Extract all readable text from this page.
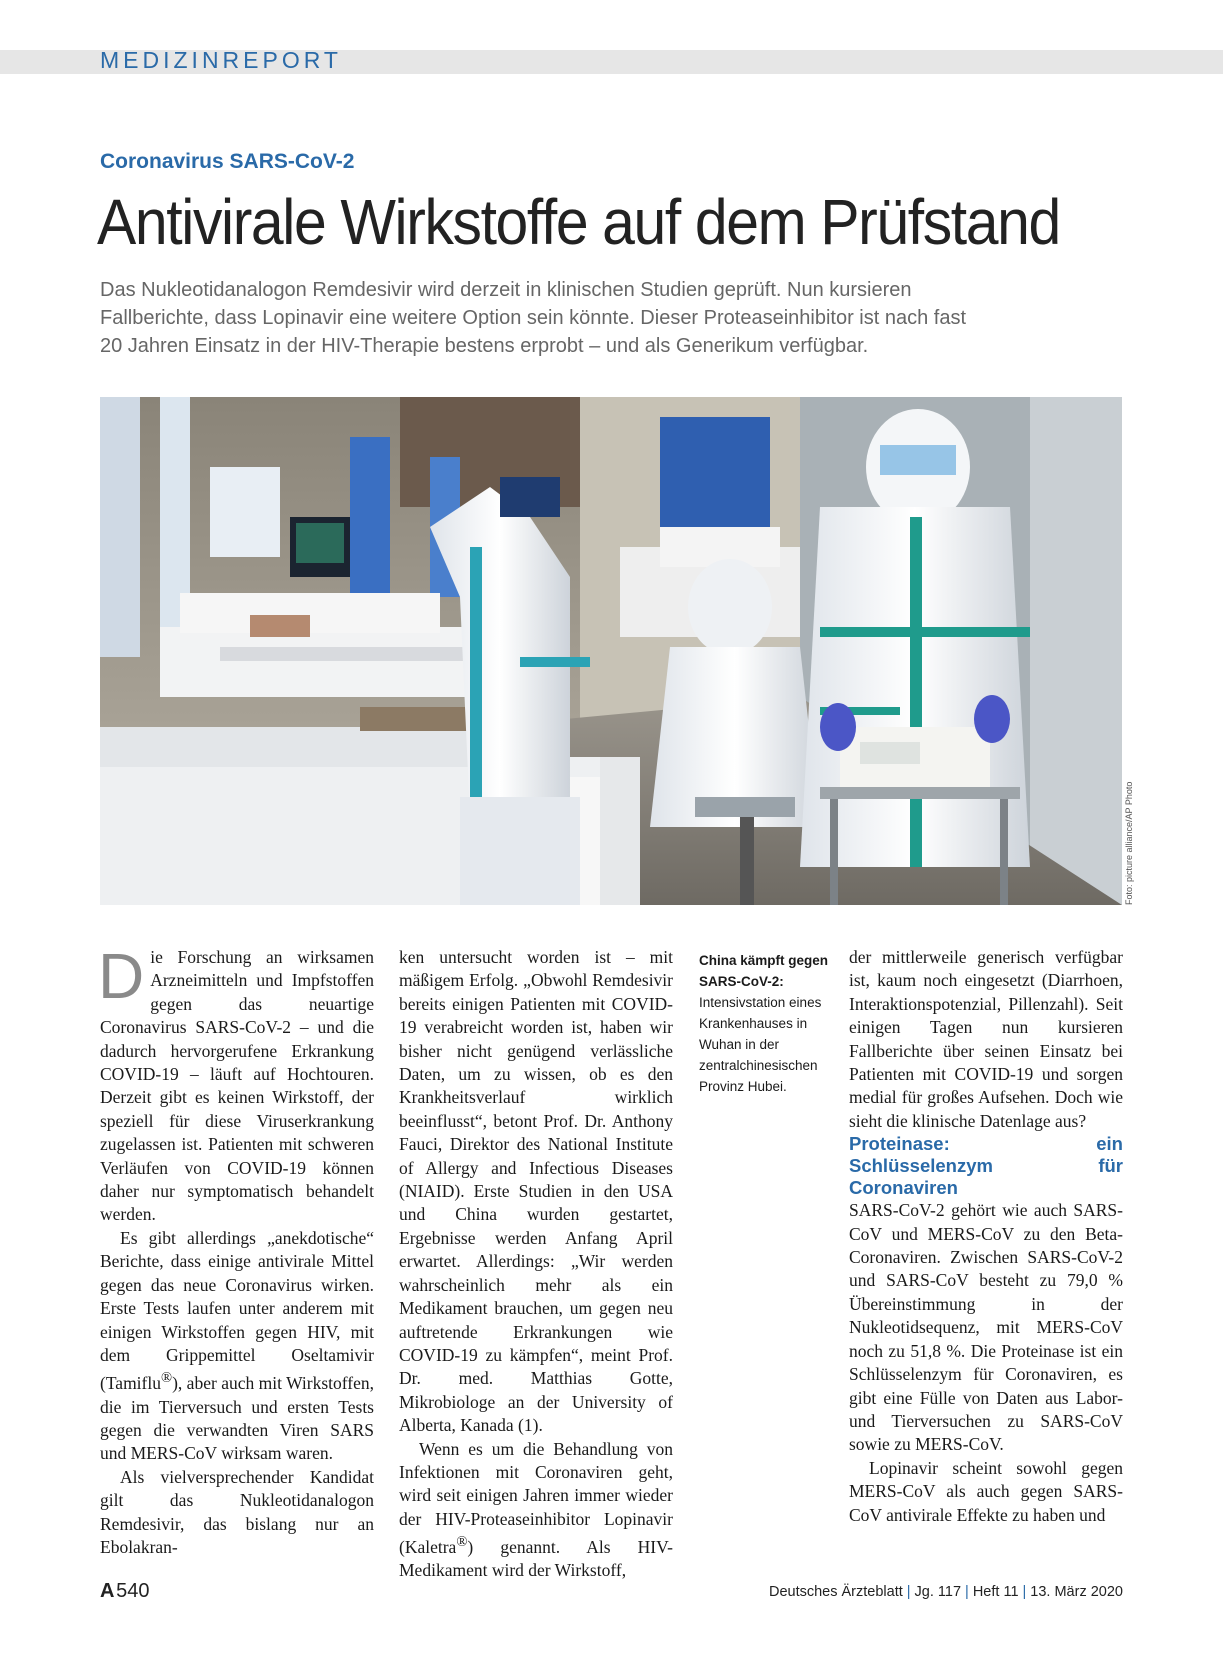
MEDIZINREPORT
Coronavirus SARS-CoV-2
Antivirale Wirkstoffe auf dem Prüfstand
Das Nukleotidanalogon Remdesivir wird derzeit in klinischen Studien geprüft. Nun kursieren Fallberichte, dass Lopinavir eine weitere Option sein könnte. Dieser Proteaseinhibitor ist nach fast 20 Jahren Einsatz in der HIV-Therapie bestens erprobt – und als Generikum verfügbar.
Foto: picture alliance/AP Photo

Die Forschung an wirksamen Arzneimitteln und Impfstoffen gegen das neuartige Coronavirus SARS-CoV-2 – und die dadurch hervorgerufene Erkrankung COVID-19 – läuft auf Hochtouren. Derzeit gibt es keinen Wirkstoff, der speziell für diese Viruserkrankung zugelassen ist. Patienten mit schweren Verläufen von COVID-19 können daher nur symptomatisch behandelt werden.

Es gibt allerdings „anekdotische“ Berichte, dass einige antivirale Mittel gegen das neue Coronavirus wirken. Erste Tests laufen unter anderem mit einigen Wirkstoffen gegen HIV, mit dem Grippemittel Oseltamivir (Tamiflu®), aber auch mit Wirkstoffen, die im Tierversuch und ersten Tests gegen die verwandten Viren SARS und MERS-CoV wirksam waren.

Als vielversprechender Kandidat gilt das Nukleotidanalogon Remdesivir, das bislang nur an Ebolakran-

ken untersucht worden ist – mit mäßigem Erfolg. „Obwohl Remdesivir bereits einigen Patienten mit COVID-19 verabreicht worden ist, haben wir bisher nicht genügend verlässliche Daten, um zu wissen, ob es den Krankheitsverlauf wirklich beeinflusst“, betont Prof. Dr. Anthony Fauci, Direktor des National Institute of Allergy and Infectious Diseases (NIAID). Erste Studien in den USA und China wurden gestartet, Ergebnisse werden Anfang April erwartet. Allerdings: „Wir werden wahrscheinlich mehr als ein Medikament brauchen, um gegen neu auftretende Erkrankungen wie COVID-19 zu kämpfen“, meint Prof. Dr. med. Matthias Gotte, Mikrobiologe an der University of Alberta, Kanada (1).

Wenn es um die Behandlung von Infektionen mit Coronaviren geht, wird seit einigen Jahren immer wieder der HIV-Proteaseinhibitor Lopinavir (Kaletra®) genannt. Als HIV-Medikament wird der Wirkstoff,

China kämpft gegen SARS-CoV-2: Intensivstation eines Krankenhauses in Wuhan in der zentralchinesischen Provinz Hubei.

der mittlerweile generisch verfügbar ist, kaum noch eingesetzt (Diarrhoen, Interaktionspotenzial, Pillenzahl). Seit einigen Tagen nun kursieren Fallberichte über seinen Einsatz bei Patienten mit COVID-19 und sorgen medial für großes Aufsehen. Doch wie sieht die klinische Datenlage aus?

Proteinase: ein Schlüsselenzym für Coronaviren

SARS-CoV-2 gehört wie auch SARS-CoV und MERS-CoV zu den Beta-Coronaviren. Zwischen SARS-CoV-2 und SARS-CoV besteht zu 79,0 % Übereinstimmung in der Nukleotidsequenz, mit MERS-CoV noch zu 51,8 %. Die Proteinase ist ein Schlüsselenzym für Coronaviren, es gibt eine Fülle von Daten aus Labor- und Tierversuchen zu SARS-CoV sowie zu MERS-CoV.

Lopinavir scheint sowohl gegen MERS-CoV als auch gegen SARS-CoV antivirale Effekte zu haben und

A 540	Deutsches Ärzteblatt | Jg. 117 | Heft 11 | 13. März 2020
